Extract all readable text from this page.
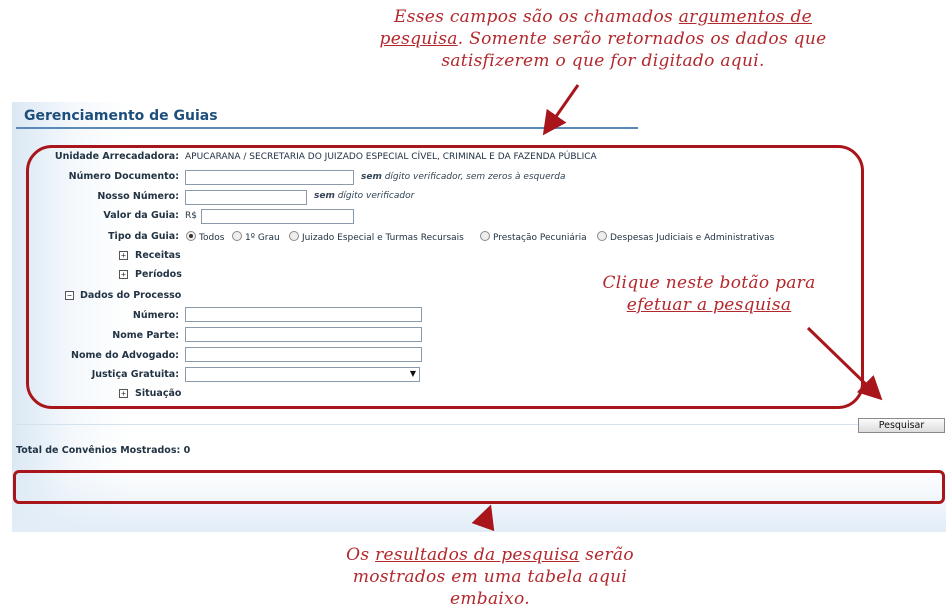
Esses campos são os chamados argumentos de pesquisa. Somente serão retornados os dados que satisfizerem o que for digitado aqui.
Gerenciamento de Guias
Unidade Arrecadadora: APUCARANA / SECRETARIA DO JUIZADO ESPECIAL CÍVEL, CRIMINAL E DA FAZENDA PÚBLICA
Número Documento:	sem dígito verificador, sem zeros à esquerda
Nosso Número:	sem dígito verificador
Valor da Guia: R$
Tipo da Guia:	Todos	1º Grau	Juizado Especial e Turmas Recursais	Prestação Pecuniária	Despesas Judiciais e Administrativas
+ Receitas
+ Períodos
− Dados do Processo
Número:
Nome Parte:
Nome do Advogado:
Justiça Gratuita:	▼
+ Situação
Clique neste botão para
efetuar a pesquisa
Pesquisar
Total de Convênios Mostrados: 0
Os resultados da pesquisa serão mostrados em uma tabela aqui embaixo.
